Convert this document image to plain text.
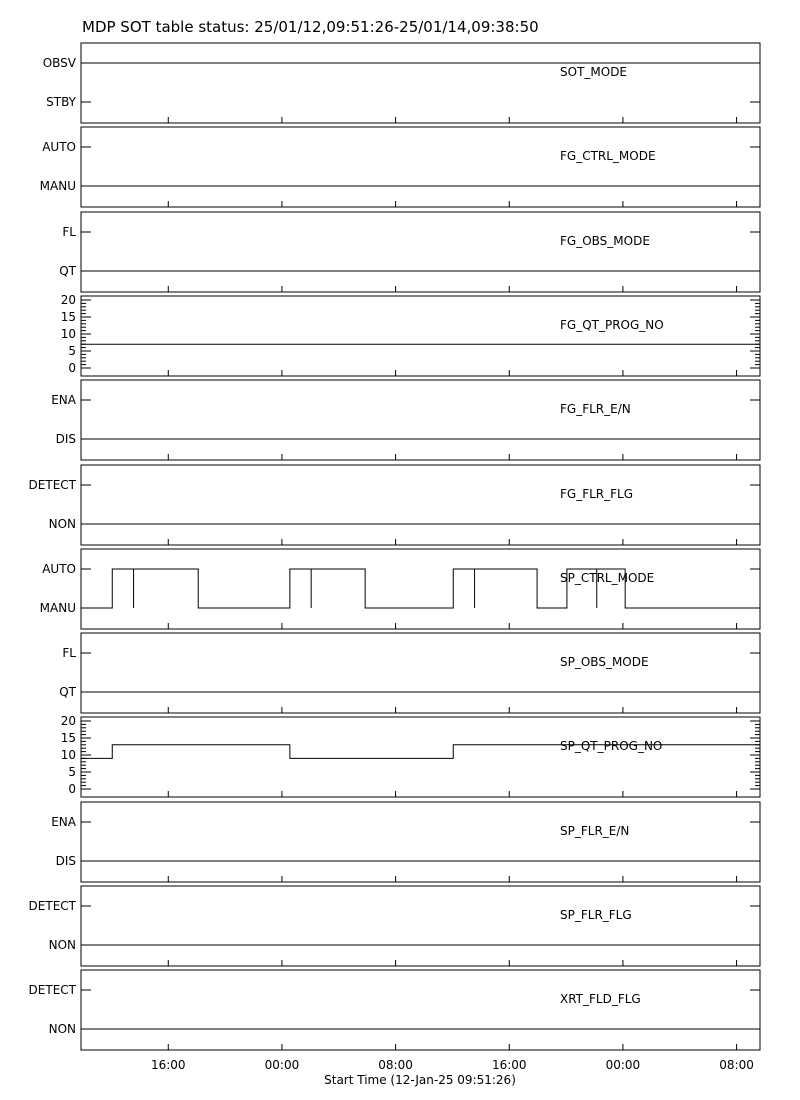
MDP SOT table status: 25/01/12,09:51:26-25/01/14,09:38:50
OBSV
STBY
SOT_MODE
AUTO
MANU
FG_CTRL_MODE
FL
QT
FG_OBS_MODE
20
15
10
5
0
FG_QT_PROG_NO
ENA
DIS
FG_FLR_E/N
DETECT
NON
FG_FLR_FLG
AUTO
MANU
SP_CTRL_MODE
FL
QT
SP_OBS_MODE
20
15
10
5
0
SP_QT_PROG_NO
ENA
DIS
SP_FLR_E/N
DETECT
NON
SP_FLR_FLG
DETECT
NON
XRT_FLD_FLG
16:00	00:00	08:00	16:00	00:00	08:00
Start Time (12-Jan-25 09:51:26)
